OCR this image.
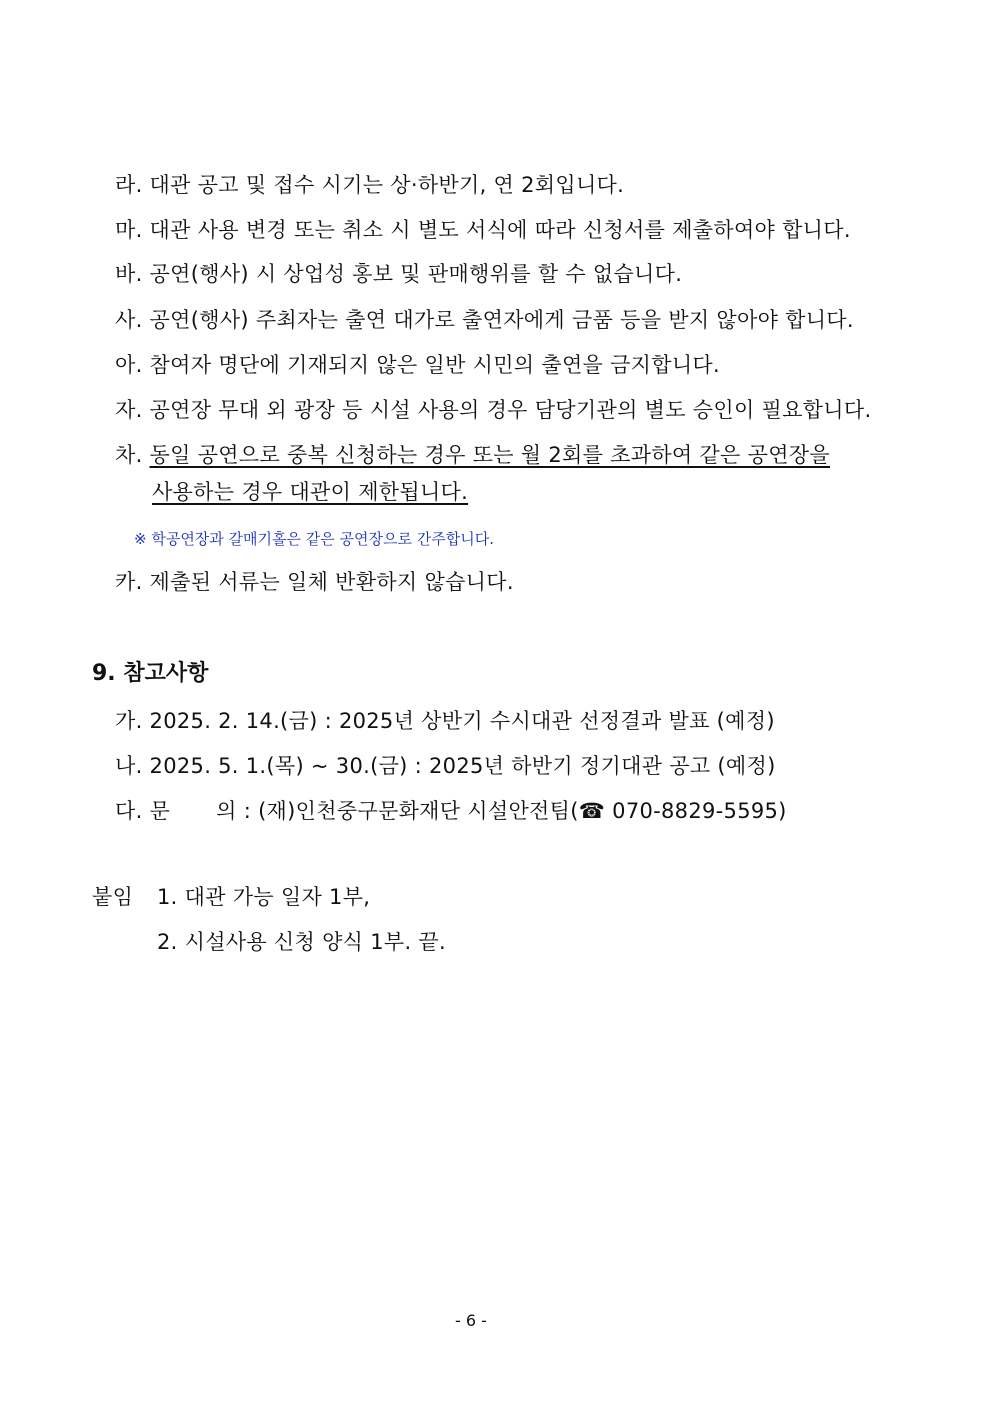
라. 대관 공고 및 접수 시기는 상·하반기, 연 2회입니다.
마. 대관 사용 변경 또는 취소 시 별도 서식에 따라 신청서를 제출하여야 합니다.
바. 공연(행사) 시 상업성 홍보 및 판매행위를 할 수 없습니다.
사. 공연(행사) 주최자는 출연 대가로 출연자에게 금품 등을 받지 않아야 합니다.
아. 참여자 명단에 기재되지 않은 일반 시민의 출연을 금지합니다.
자. 공연장 무대 외 광장 등 시설 사용의 경우 담당기관의 별도 승인이 필요합니다.
차. 동일 공연으로 중복 신청하는 경우 또는 월 2회를 초과하여 같은 공연장을
사용하는 경우 대관이 제한됩니다.
※ 학공연장과 갈매기홀은 같은 공연장으로 간주합니다.
카. 제출된 서류는 일체 반환하지 않습니다.
9. 참고사항
가. 2025. 2. 14.(금) : 2025년 상반기 수시대관 선정결과 발표 (예정)
나. 2025. 5. 1.(목) ~ 30.(금) : 2025년 하반기 정기대관 공고 (예정)
다. 문 의 : (재)인천중구문화재단 시설안전팀(☎ 070-8829-5595)
붙임 1. 대관 가능 일자 1부,
2. 시설사용 신청 양식 1부. 끝.
- 6 -
